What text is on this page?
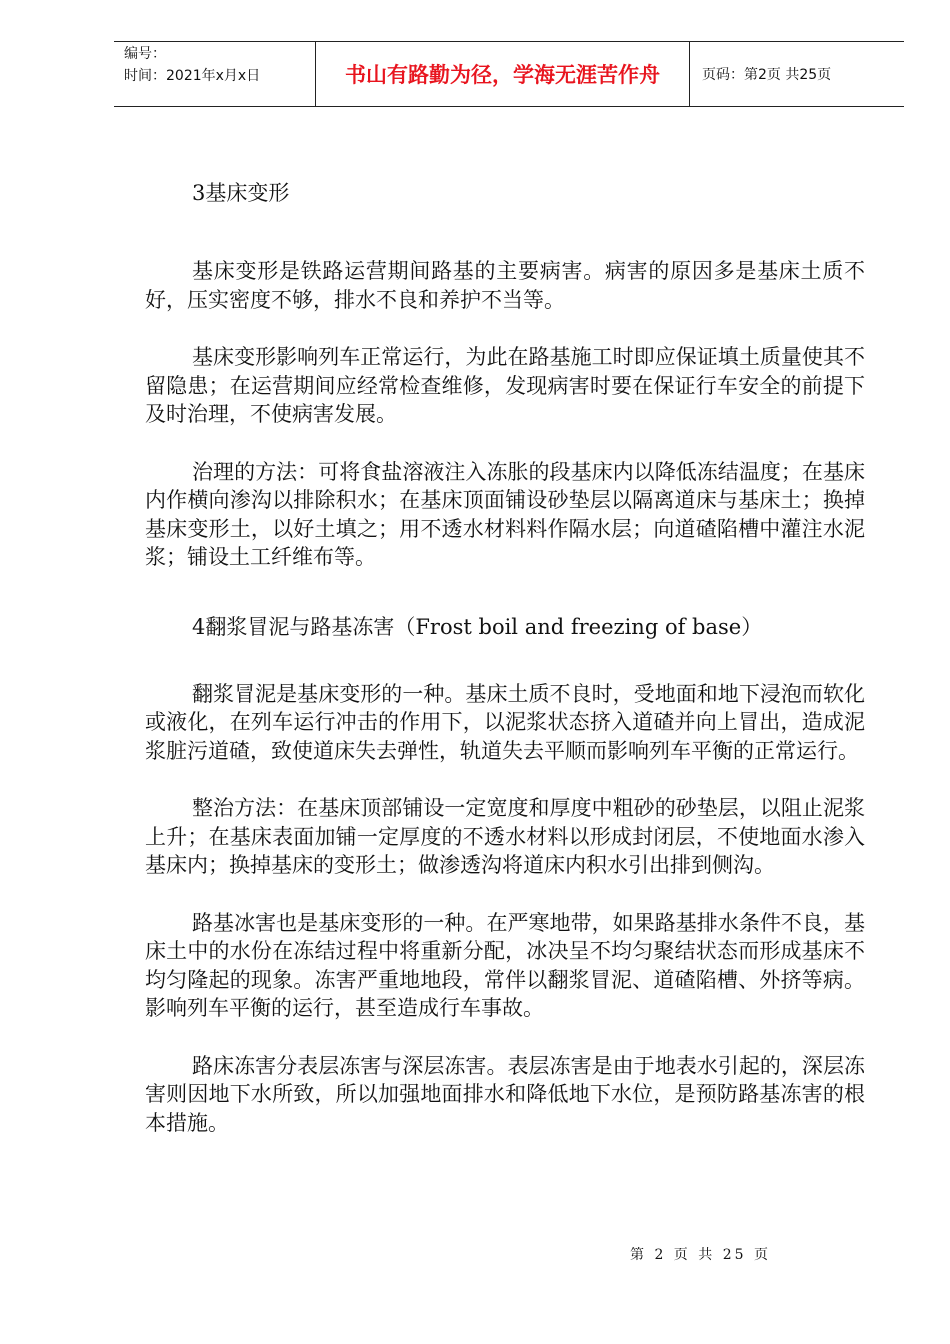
编号：
时间：2021年x月x日	书山有路勤为径，学海无涯苦作舟	页码：第2页 共25页
3基床变形
基床变形是铁路运营期间路基的主要病害。病害的原因多是基床土质不好，压实密度不够，排水不良和养护不当等。
基床变形影响列车正常运行，为此在路基施工时即应保证填土质量使其不留隐患；在运营期间应经常检查维修，发现病害时要在保证行车安全的前提下及时治理，不使病害发展。
治理的方法：可将食盐溶液注入冻胀的段基床内以降低冻结温度；在基床内作横向渗沟以排除积水；在基床顶面铺设砂垫层以隔离道床与基床土；换掉基床变形土，以好土填之；用不透水材料料作隔水层；向道碴陷槽中灌注水泥浆；铺设土工纤维布等。
4翻浆冒泥与路基冻害（Frost boil and freezing of base）
翻浆冒泥是基床变形的一种。基床土质不良时，受地面和地下浸泡而软化或液化，在列车运行冲击的作用下，以泥浆状态挤入道碴并向上冒出，造成泥浆脏污道碴，致使道床失去弹性，轨道失去平顺而影响列车平衡的正常运行。
整治方法：在基床顶部铺设一定宽度和厚度中粗砂的砂垫层，以阻止泥浆上升；在基床表面加铺一定厚度的不透水材料以形成封闭层，不使地面水渗入基床内；换掉基床的变形土；做渗透沟将道床内积水引出排到侧沟。
路基冰害也是基床变形的一种。在严寒地带，如果路基排水条件不良，基床土中的水份在冻结过程中将重新分配，冰决呈不均匀聚结状态而形成基床不均匀隆起的现象。冻害严重地地段，常伴以翻浆冒泥、道碴陷槽、外挤等病。影响列车平衡的运行，甚至造成行车事故。
路床冻害分表层冻害与深层冻害。表层冻害是由于地表水引起的，深层冻害则因地下水所致，所以加强地面排水和降低地下水位，是预防路基冻害的根本措施。
第 2 页 共 25 页
